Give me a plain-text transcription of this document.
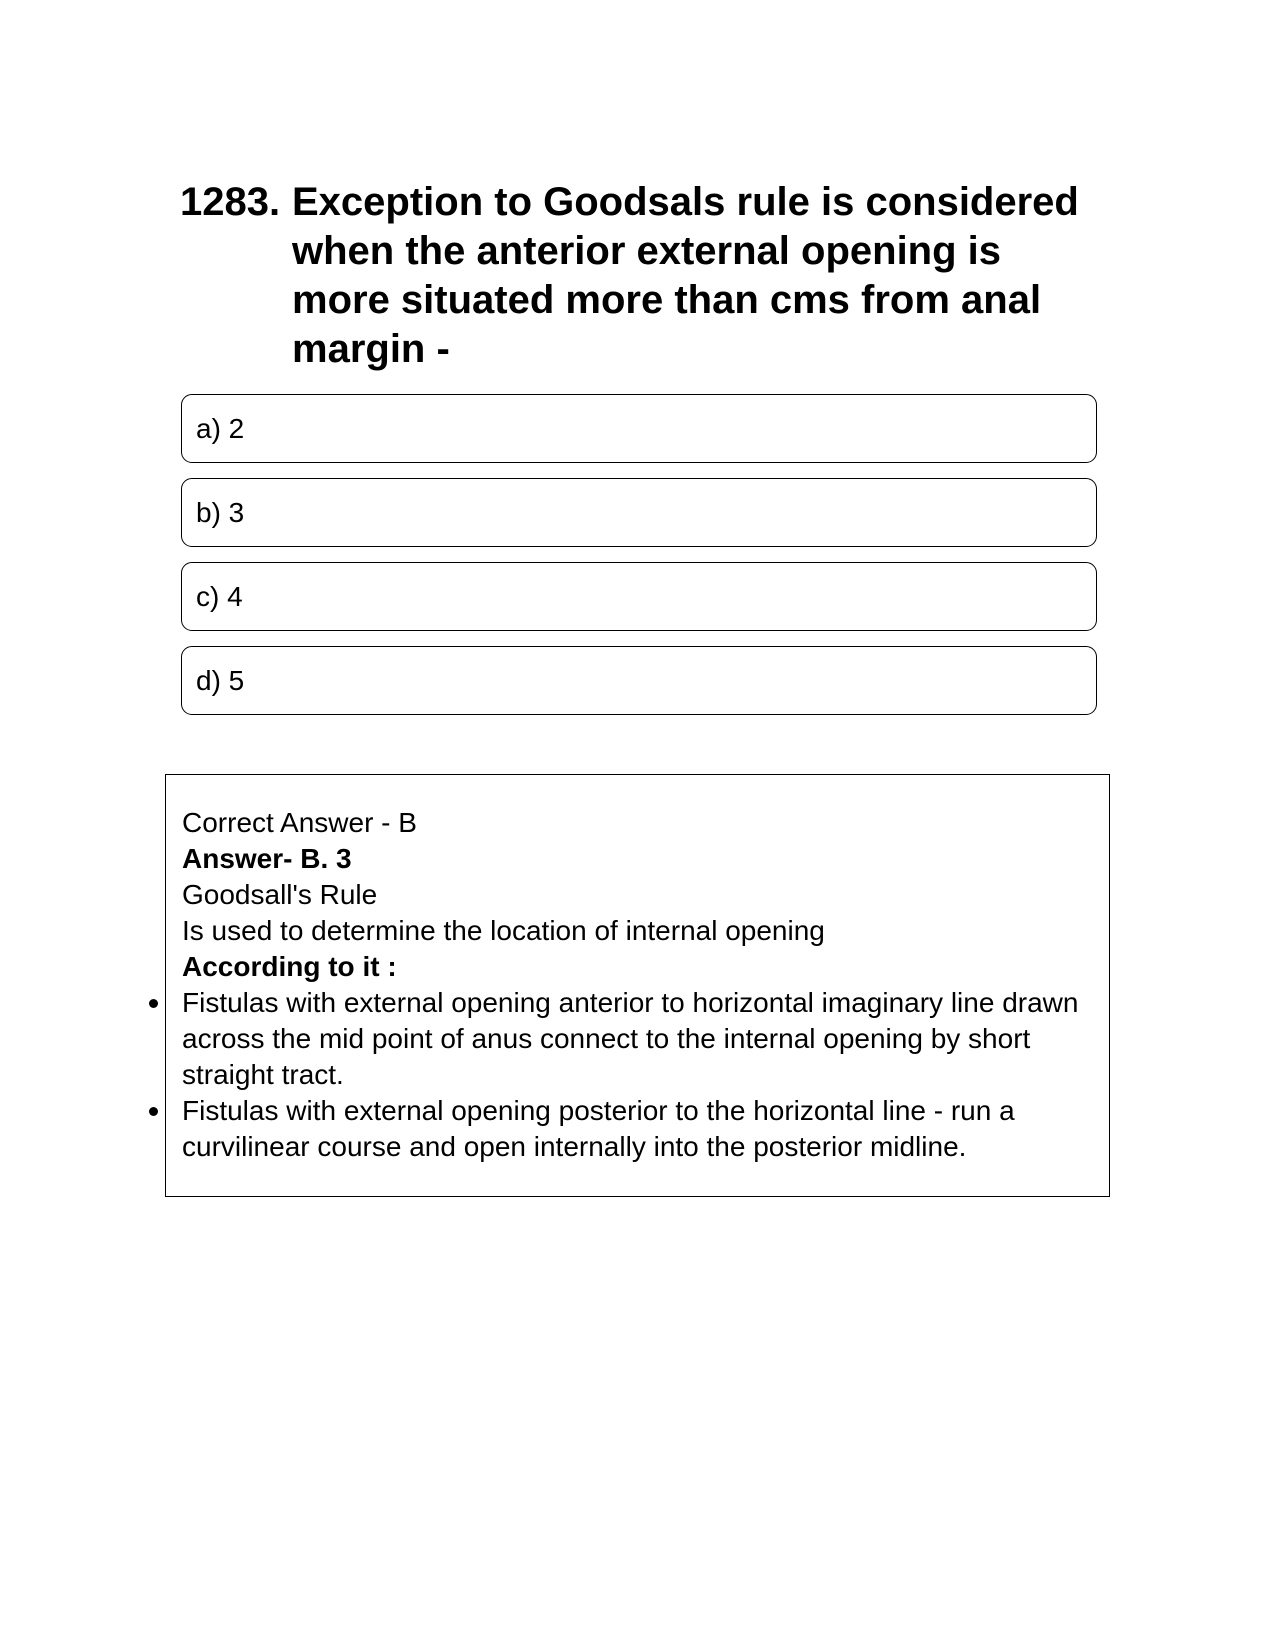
1283. Exception to Goodsals rule is considered when the anterior external opening is more situated more than cms from anal margin -
a) 2
b) 3
c) 4
d) 5
Correct Answer - B
Answer- B. 3
Goodsall's Rule
Is used to determine the location of internal opening
According to it :
Fistulas with external opening anterior to horizontal imaginary line drawn across the mid point of anus connect to the internal opening by short straight tract.
Fistulas with external opening posterior to the horizontal line - run a curvilinear course and open internally into the posterior midline.
